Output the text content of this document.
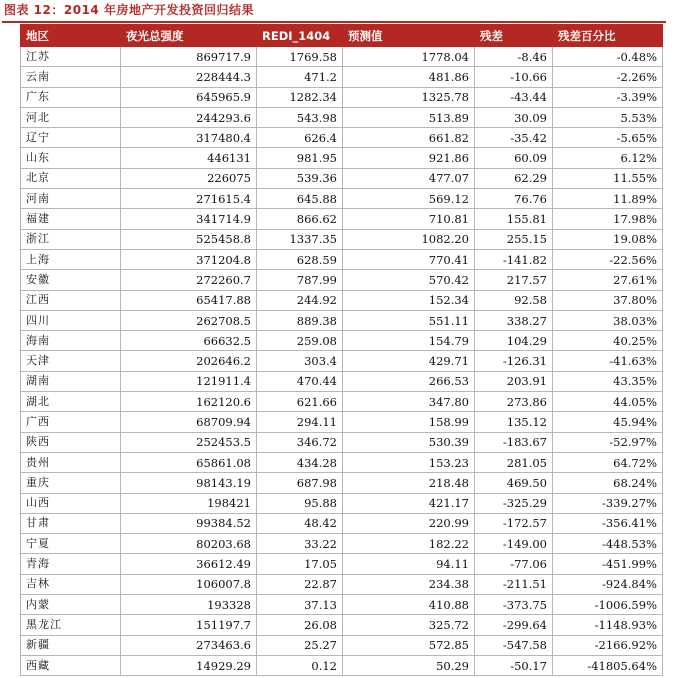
图表 12：2014 年房地产开发投资回归结果
地区	夜光总强度	REDI_1404	预测值	残差	残差百分比
江苏	869717.9	1769.58	1778.04	-8.46	-0.48%
云南	228444.3	471.2	481.86	-10.66	-2.26%
广东	645965.9	1282.34	1325.78	-43.44	-3.39%
河北	244293.6	543.98	513.89	30.09	5.53%
辽宁	317480.4	626.4	661.82	-35.42	-5.65%
山东	446131	981.95	921.86	60.09	6.12%
北京	226075	539.36	477.07	62.29	11.55%
河南	271615.4	645.88	569.12	76.76	11.89%
福建	341714.9	866.62	710.81	155.81	17.98%
浙江	525458.8	1337.35	1082.20	255.15	19.08%
上海	371204.8	628.59	770.41	-141.82	-22.56%
安徽	272260.7	787.99	570.42	217.57	27.61%
江西	65417.88	244.92	152.34	92.58	37.80%
四川	262708.5	889.38	551.11	338.27	38.03%
海南	66632.5	259.08	154.79	104.29	40.25%
天津	202646.2	303.4	429.71	-126.31	-41.63%
湖南	121911.4	470.44	266.53	203.91	43.35%
湖北	162120.6	621.66	347.80	273.86	44.05%
广西	68709.94	294.11	158.99	135.12	45.94%
陕西	252453.5	346.72	530.39	-183.67	-52.97%
贵州	65861.08	434.28	153.23	281.05	64.72%
重庆	98143.19	687.98	218.48	469.50	68.24%
山西	198421	95.88	421.17	-325.29	-339.27%
甘肃	99384.52	48.42	220.99	-172.57	-356.41%
宁夏	80203.68	33.22	182.22	-149.00	-448.53%
青海	36612.49	17.05	94.11	-77.06	-451.99%
吉林	106007.8	22.87	234.38	-211.51	-924.84%
内蒙	193328	37.13	410.88	-373.75	-1006.59%
黑龙江	151197.7	26.08	325.72	-299.64	-1148.93%
新疆	273463.6	25.27	572.85	-547.58	-2166.92%
西藏	14929.29	0.12	50.29	-50.17	-41805.64%
